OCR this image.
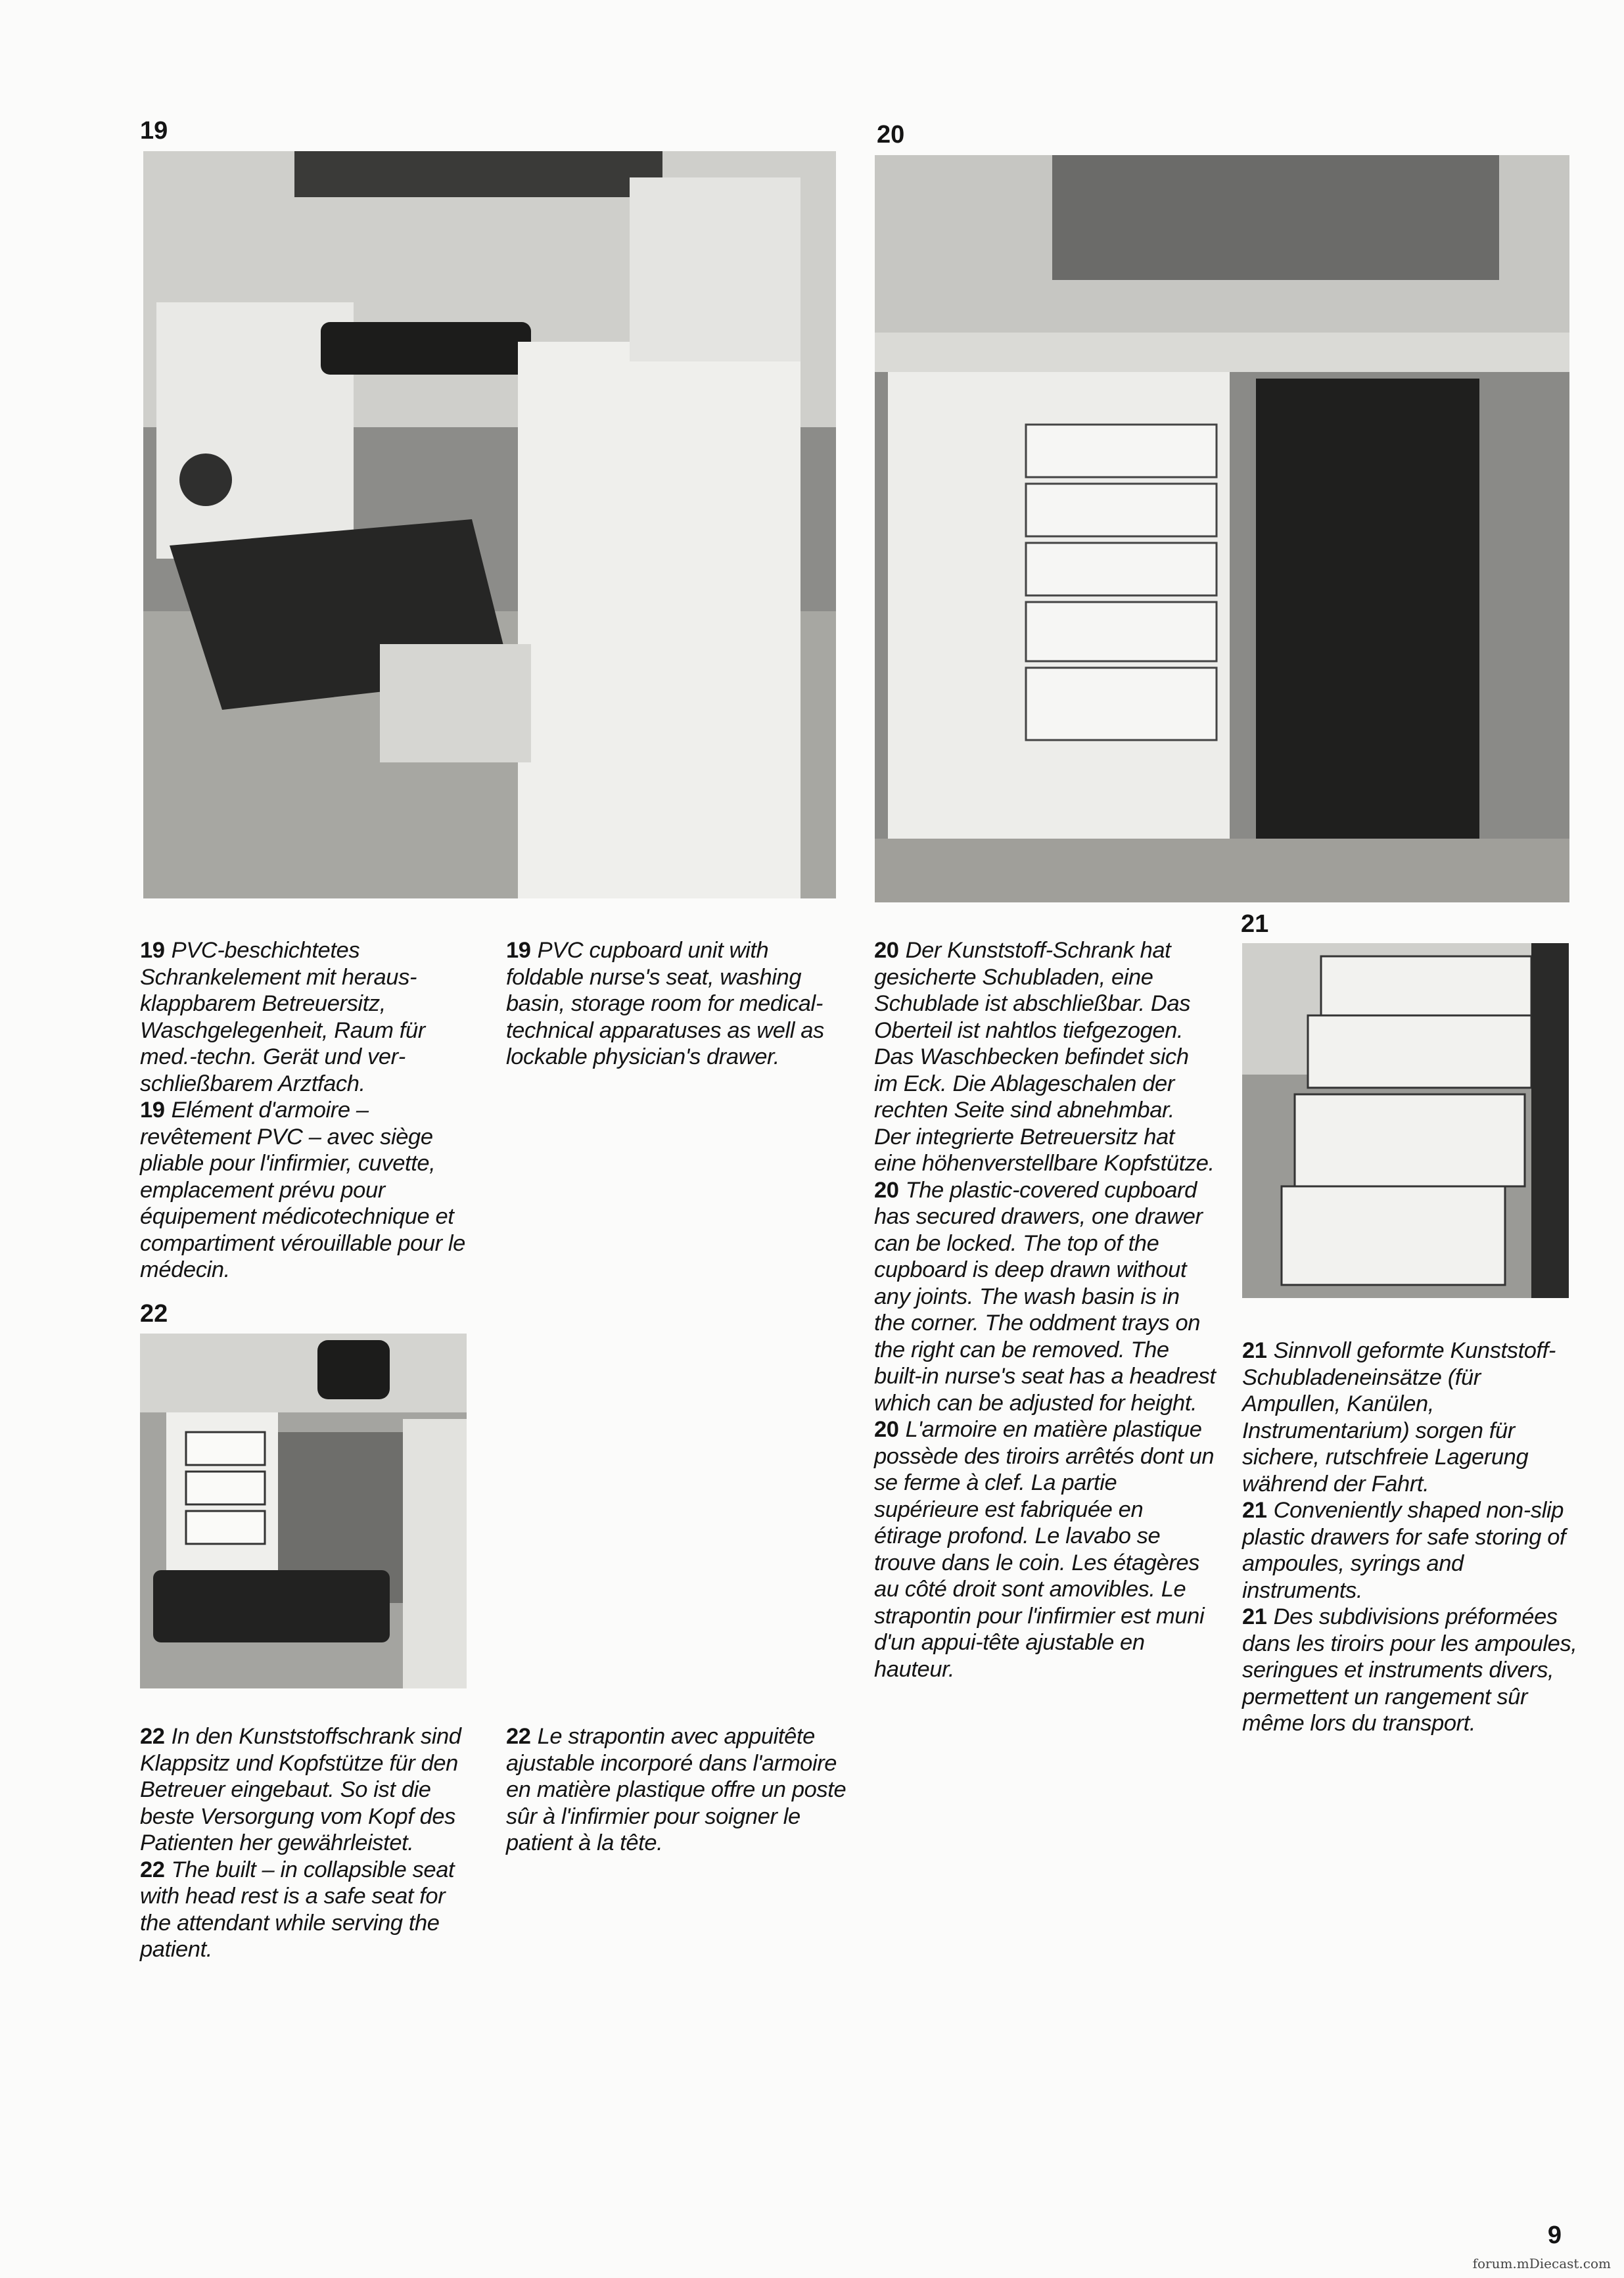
19	20
21
22

19 PVC-beschichtetes Schrankelement mit herausklappbarem Betreuersitz, Waschgelegenheit, Raum für med.-techn. Gerät und verschließbarem Arztfach.

19 Elément d'armoire – revêtement PVC – avec siège pliable pour l'infirmier, cuvette, emplacement prévu pour équipement médicotechnique et compartiment vérouillable pour le médecin.

19 PVC cupboard unit with foldable nurse's seat, washing basin, storage room for medical-technical apparatuses as well as lockable physician's drawer.

20 Der Kunststoff-Schrank hat gesicherte Schubladen, eine Schublade ist abschließbar. Das Oberteil ist nahtlos tiefgezogen. Das Waschbecken befindet sich im Eck. Die Ablageschalen der rechten Seite sind abnehmbar. Der integrierte Betreuersitz hat eine höhenverstellbare Kopfstütze.

20 The plastic-covered cupboard has secured drawers, one drawer can be locked. The top of the cupboard is deep drawn without any joints. The wash basin is in the corner. The oddment trays on the right can be removed. The built-in nurse's seat has a headrest which can be adjusted for height.

20 L'armoire en matière plastique possède des tiroirs arrêtés dont un se ferme à clef. La partie supérieure est fabriquée en étirage profond. Le lavabo se trouve dans le coin. Les étagères au côté droit sont amovibles. Le strapontin pour l'infirmier est muni d'un appui-tête ajustable en hauteur.

21 Sinnvoll geformte Kunststoff-Schubladeneinsätze (für Ampullen, Kanülen, Instrumentarium) sorgen für sichere, rutschfreie Lagerung während der Fahrt.

21 Conveniently shaped non-slip plastic drawers for safe storing of ampoules, syrings and instruments.

21 Des subdivisions préformées dans les tiroirs pour les ampoules, seringues et instruments divers, permettent un rangement sûr même lors du transport.

22 In den Kunststoffschrank sind Klappsitz und Kopfstütze für den Betreuer eingebaut. So ist die beste Versorgung vom Kopf des Patienten her gewährleistet.

22 The built – in collapsible seat with head rest is a safe seat for the attendant while serving the patient.

22 Le strapontin avec appuitête ajustable incorporé dans l'armoire en matière plastique offre un poste sûr à l'infirmier pour soigner le patient à la tête.

9
forum.mDiecast.com
